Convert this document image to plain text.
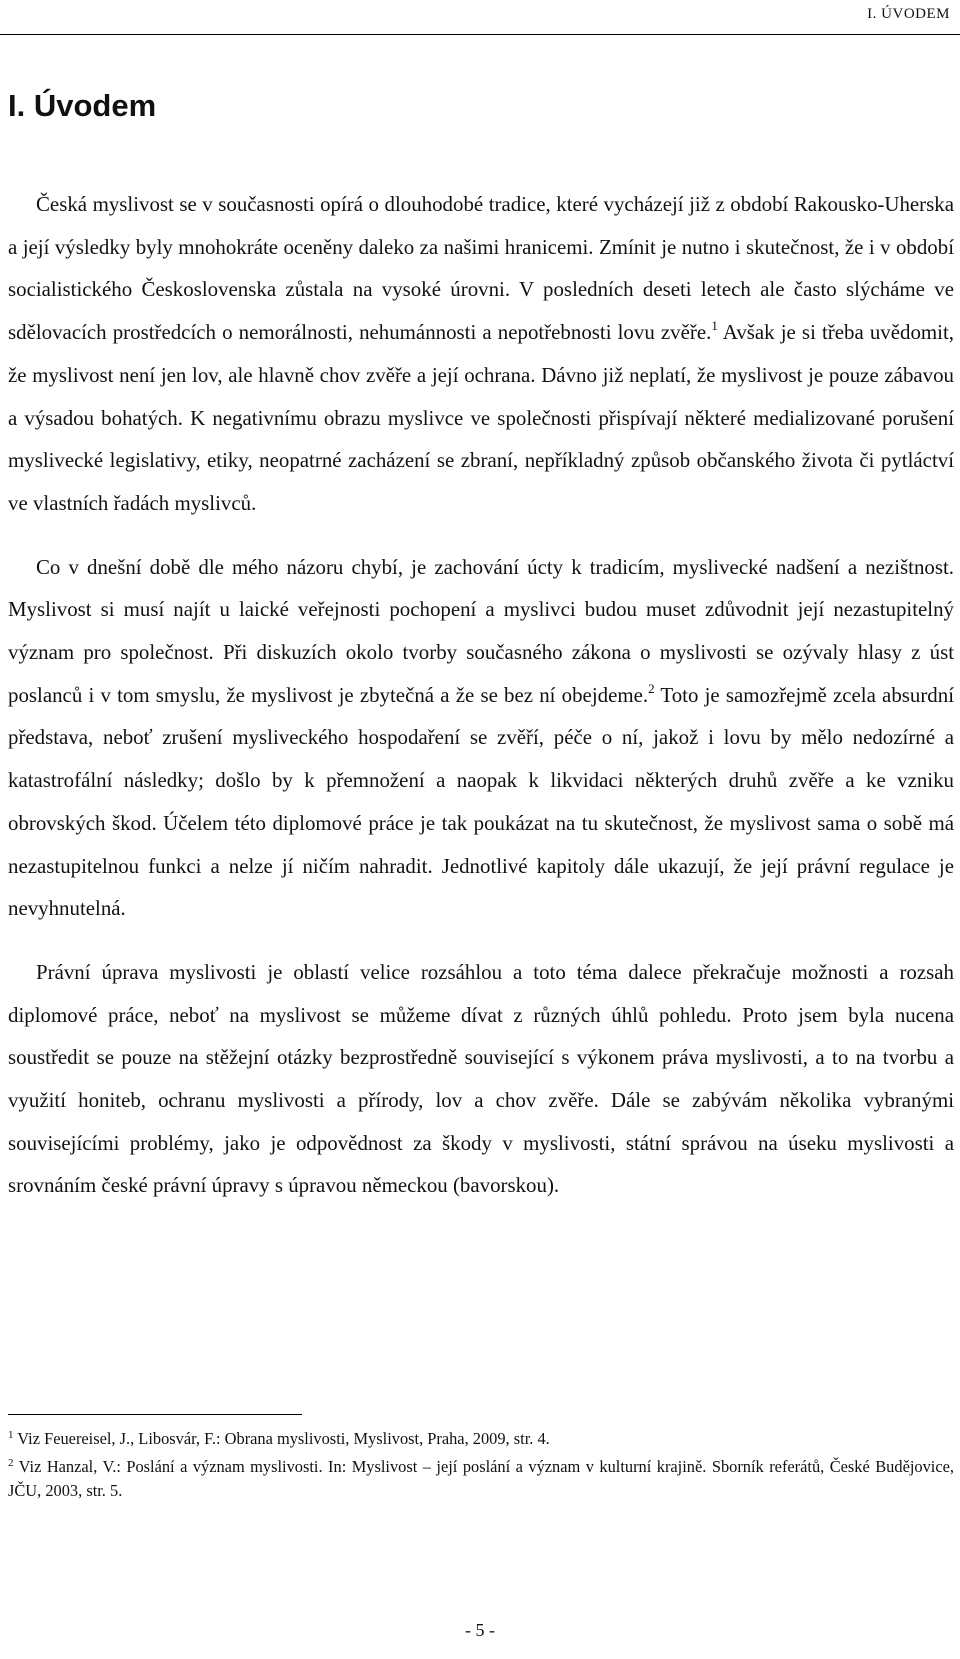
I. ÚVODEM
I. Úvodem

Česká myslivost se v současnosti opírá o dlouhodobé tradice, které vycházejí již z období Rakousko-Uherska a její výsledky byly mnohokráte oceněny daleko za našimi hranicemi. Zmínit je nutno i skutečnost, že i v období socialistického Československa zůstala na vysoké úrovni. V posledních deseti letech ale často slýcháme ve sdělovacích prostředcích o nemorálnosti, nehumánnosti a nepotřebnosti lovu zvěře.$^1$ Avšak je si třeba uvědomit, že myslivost není jen lov, ale hlavně chov zvěře a její ochrana. Dávno již neplatí, že myslivost je pouze zábavou a výsadou bohatých. K negativnímu obrazu myslivce ve společnosti přispívají některé medializované porušení myslivecké legislativy, etiky, neopatrné zacházení se zbraní, nepříkladný způsob občanského života či pytláctví ve vlastních řadách myslivců.

Co v dnešní době dle mého názoru chybí, je zachování úcty k tradicím, myslivecké nadšení a nezištnost. Myslivost si musí najít u laické veřejnosti pochopení a myslivci budou muset zdůvodnit její nezastupitelný význam pro společnost. Při diskuzích okolo tvorby současného zákona o myslivosti se ozývaly hlasy z úst poslanců i v tom smyslu, že myslivost je zbytečná a že se bez ní obejdeme.$^2$ Toto je samozřejmě zcela absurdní představa, neboť zrušení mysliveckého hospodaření se zvěří, péče o ní, jakož i lovu by mělo nedozírné a katastrofální následky; došlo by k přemnožení a naopak k likvidaci některých druhů zvěře a ke vzniku obrovských škod. Účelem této diplomové práce je tak poukázat na tu skutečnost, že myslivost sama o sobě má nezastupitelnou funkci a nelze jí ničím nahradit. Jednotlivé kapitoly dále ukazují, že její právní regulace je nevyhnutelná.

Právní úprava myslivosti je oblastí velice rozsáhlou a toto téma dalece překračuje možnosti a rozsah diplomové práce, neboť na myslivost se můžeme dívat z různých úhlů pohledu. Proto jsem byla nucena soustředit se pouze na stěžejní otázky bezprostředně související s výkonem práva myslivosti, a to na tvorbu a využití honiteb, ochranu myslivosti a přírody, lov a chov zvěře. Dále se zabývám několika vybranými souvisejícími problémy, jako je odpovědnost za škody v myslivosti, státní správou na úseku myslivosti a srovnáním české právní úpravy s úpravou německou (bavorskou).

$^1$ Viz Feuereisel, J., Libosvár, F.: Obrana myslivosti, Myslivost, Praha, 2009, str. 4.

$^2$ Viz Hanzal, V.: Poslání a význam myslivosti. In: Myslivost – její poslání a význam v kulturní krajině. Sborník referátů, České Budějovice, JČU, 2003, str. 5.

- 5 -
